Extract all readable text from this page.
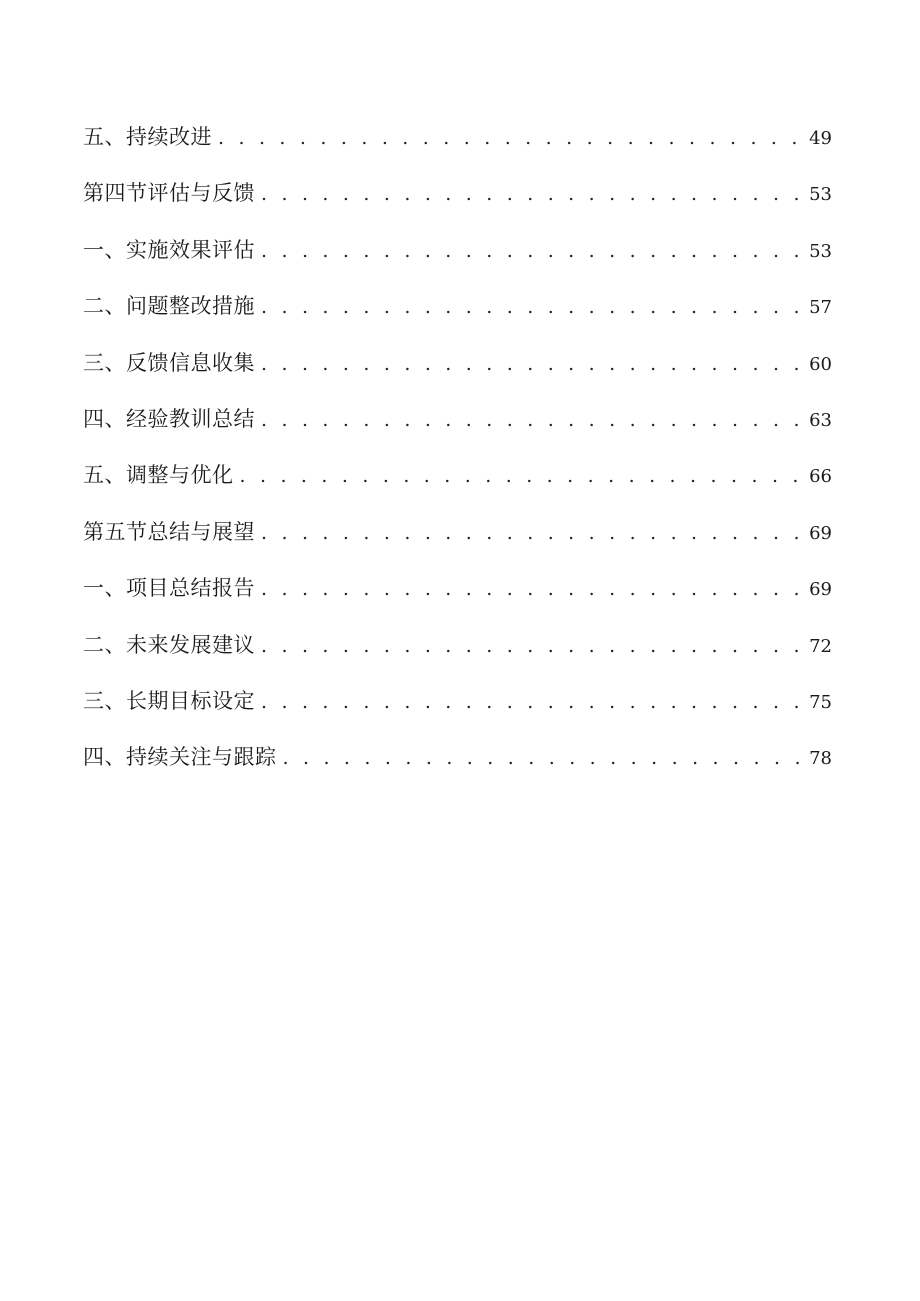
五、持续改进 . . .	49
第四节评估与反馈 . . .	53
一、实施效果评估 . . .	53
二、问题整改措施 . . .	57
三、反馈信息收集 . . .	60
四、经验教训总结 . . .	63
五、调整与优化 . . .	66
第五节总结与展望 . . .	69
一、项目总结报告 . . .	69
二、未来发展建议 . . .	72
三、长期目标设定 . . .	75
四、持续关注与跟踪 . . .	78
